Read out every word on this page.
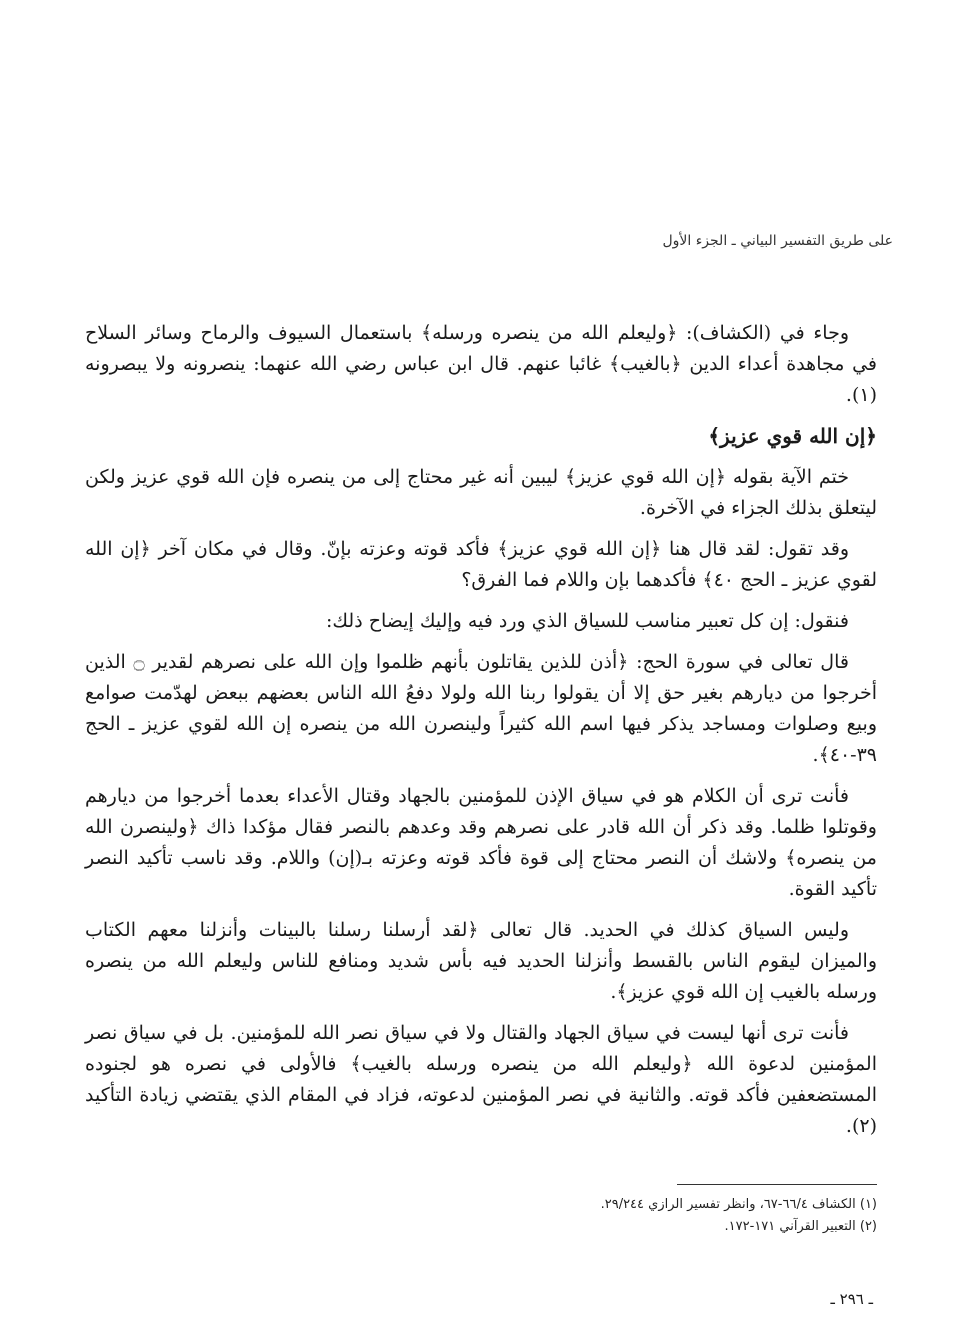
على طريق التفسير البياني ـ الجزء الأول

وجاء في (الكشاف): ﴿وليعلم الله من ينصره ورسله﴾ باستعمال السيوف والرماح وسائر السلاح في مجاهدة أعداء الدين ﴿بالغيب﴾ غائبا عنهم. قال ابن عباس رضي الله عنهما: ينصرونه ولا يبصرونه (١).

﴿إن الله قوي عزيز﴾

ختم الآية بقوله ﴿إن الله قوي عزيز﴾ ليبين أنه غير محتاج إلى من ينصره فإن الله قوي عزيز ولكن ليتعلق بذلك الجزاء في الآخرة.

وقد تقول: لقد قال هنا ﴿إن الله قوي عزيز﴾ فأكد قوته وعزته بإنّ. وقال في مكان آخر ﴿إن الله لقوي عزيز ـ الحج ٤٠﴾ فأكدهما بإن واللام فما الفرق؟

فنقول: إن كل تعبير مناسب للسياق الذي ورد فيه وإليك إيضاح ذلك:

قال تعالى في سورة الحج: ﴿أذن للذين يقاتلون بأنهم ظلموا وإن الله على نصرهم لقدير ۝ الذين أخرجوا من ديارهم بغير حق إلا أن يقولوا ربنا الله ولولا دفعُ الله الناس بعضهم ببعض لهدّمت صوامع وبيع وصلوات ومساجد يذكر فيها اسم الله كثيراً ولينصرن الله من ينصره إن الله لقوي عزيز ـ الحج ٣٩-٤٠﴾.

فأنت ترى أن الكلام هو في سياق الإذن للمؤمنين بالجهاد وقتال الأعداء بعدما أخرجوا من ديارهم وقوتلوا ظلما. وقد ذكر أن الله قادر على نصرهم وقد وعدهم بالنصر فقال مؤكدا ذاك ﴿ولينصرن الله من ينصره﴾ ولاشك أن النصر محتاج إلى قوة فأكد قوته وعزته بـ(إن) واللام. وقد ناسب تأكيد النصر تأكيد القوة.

وليس السياق كذلك في الحديد. قال تعالى ﴿لقد أرسلنا رسلنا بالبينات وأنزلنا معهم الكتاب والميزان ليقوم الناس بالقسط وأنزلنا الحديد فيه بأس شديد ومنافع للناس وليعلم الله من ينصره ورسله بالغيب إن الله قوي عزيز﴾.

فأنت ترى أنها ليست في سياق الجهاد والقتال ولا في سياق نصر الله للمؤمنين. بل في سياق نصر المؤمنين لدعوة الله ﴿وليعلم الله من ينصره ورسله بالغيب﴾ فالأولى في نصره هو لجنوده المستضعفين فأكد قوته. والثانية في نصر المؤمنين لدعوته، فزاد في المقام الذي يقتضي زيادة التأكيد (٢).

(١) الكشاف ٦٦/٤-٦٧، وانظر تفسير الرازي ٢٩/٢٤٤.
(٢) التعبير القرآني ١٧١-١٧٢.
ـ ٢٩٦ ـ
